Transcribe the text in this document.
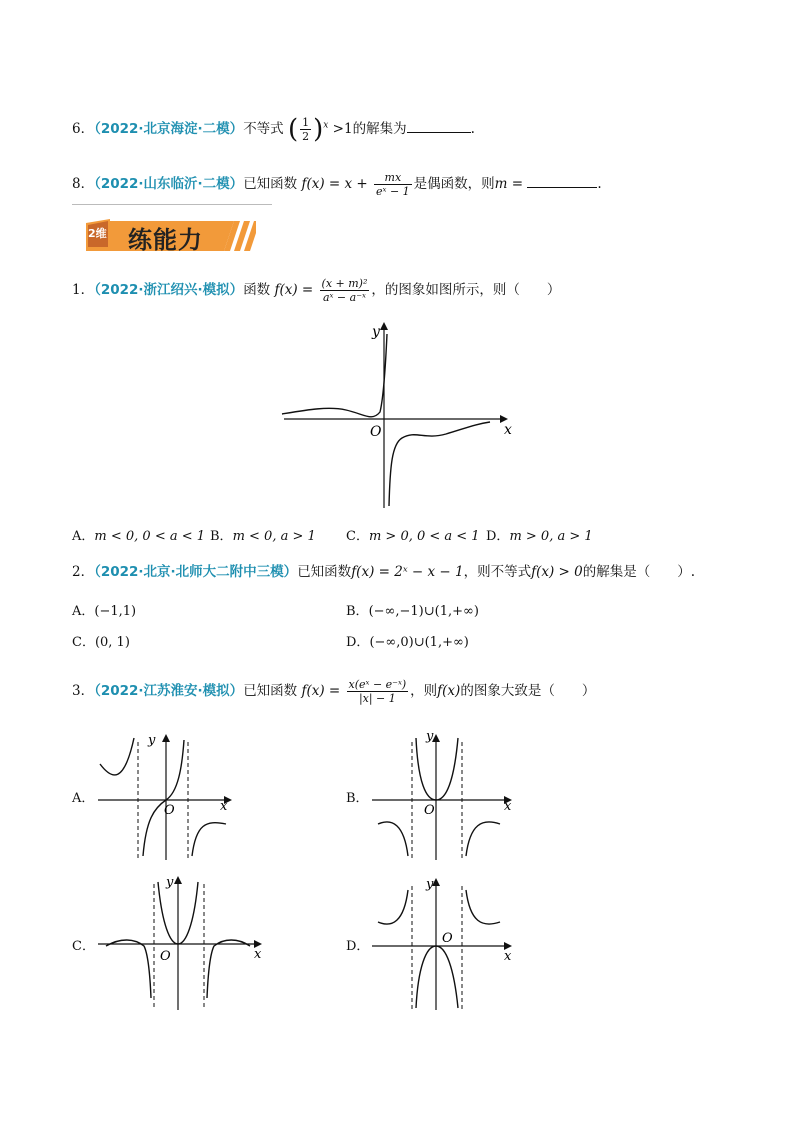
6．（2022·北京海淀·二模）不等式 ( $\frac{1}{2} )^x >1$的解集为	.
8．（2022·山东临沂·二模）已知函数 $f(x) = x + \frac{mx}{\text{eˣ − 1}}$ 是偶函数，则m =	.
2维 练能力
1．（2022·浙江绍兴·模拟）函数 $f(x) = \frac{\text{(x + m)²}}{\text{aˣ − a⁻ˣ}}$ ，的图象如图所示，则（　　）
y
x
O
A．m < 0, 0 < a < 1 B．m < 0, a > 1 C．m > 0, 0 < a < 1 D．m > 0, a > 1
2．（2022·北京·北师大二附中三模）已知函数f(x) = 2ˣ − x − 1，则不等式f(x) > 0的解集是（　　）.
A．(−1,1)	B．(−∞,−1)∪(1,+∞)
C．(0, 1)	D．(−∞,0)∪(1,+∞)
3．（2022·江苏淮安·模拟）已知函数 $f(x) = \frac{\text{x(eˣ − e⁻ˣ)}}{|x| - 1}$ ，则f(x)的图象大致是（　　）
A．
y
x
O
B．
y
x
O
C．
y
x
O
D．
y
x
O
